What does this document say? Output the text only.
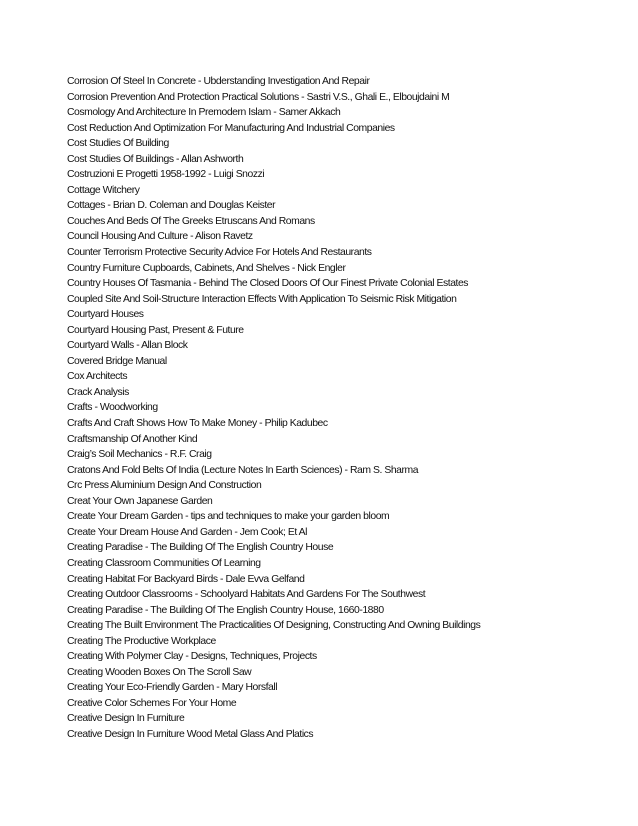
Corrosion Of Steel In Concrete - Ubderstanding Investigation And Repair
Corrosion Prevention And Protection Practical Solutions - Sastri V.S., Ghali E., Elboujdaini M
Cosmology And Architecture In Premodern Islam - Samer Akkach
Cost Reduction And Optimization For Manufacturing And Industrial Companies
Cost Studies Of Building
Cost Studies Of Buildings - Allan Ashworth
Costruzioni E Progetti 1958-1992 - Luigi Snozzi
Cottage Witchery
Cottages - Brian D. Coleman and Douglas Keister
Couches And Beds Of The Greeks Etruscans And Romans
Council Housing And Culture - Alison Ravetz
Counter Terrorism Protective Security Advice For Hotels And Restaurants
Country Furniture Cupboards, Cabinets, And Shelves - Nick Engler
Country Houses Of Tasmania - Behind The Closed Doors Of Our Finest Private Colonial Estates
Coupled Site And Soil-Structure Interaction Effects With Application To Seismic Risk Mitigation
Courtyard Houses
Courtyard Housing Past, Present & Future
Courtyard Walls - Allan Block
Covered Bridge Manual
Cox Architects
Crack Analysis
Crafts - Woodworking
Crafts And Craft Shows How To Make Money - Philip Kadubec
Craftsmanship Of Another Kind
Craig’s Soil Mechanics - R.F. Craig
Cratons And Fold Belts Of India (Lecture Notes In Earth Sciences) - Ram S. Sharma
Crc Press Aluminium Design And Construction
Creat Your Own Japanese Garden
Create Your Dream Garden - tips and techniques to make your garden bloom
Create Your Dream House And Garden - Jem Cook; Et Al
Creating Paradise - The Building Of The English Country House
Creating Classroom Communities Of Learning
Creating Habitat For Backyard Birds - Dale Evva Gelfand
Creating Outdoor Classrooms - Schoolyard Habitats And Gardens For The Southwest
Creating Paradise - The Building Of The English Country House, 1660-1880
Creating The Built Environment The Practicalities Of Designing, Constructing And Owning Buildings
Creating The Productive Workplace
Creating With Polymer Clay - Designs, Techniques, Projects
Creating Wooden Boxes On The Scroll Saw
Creating Your Eco-Friendly Garden - Mary Horsfall
Creative Color Schemes For Your Home
Creative Design In Furniture
Creative Design In Furniture Wood Metal Glass And Platics
